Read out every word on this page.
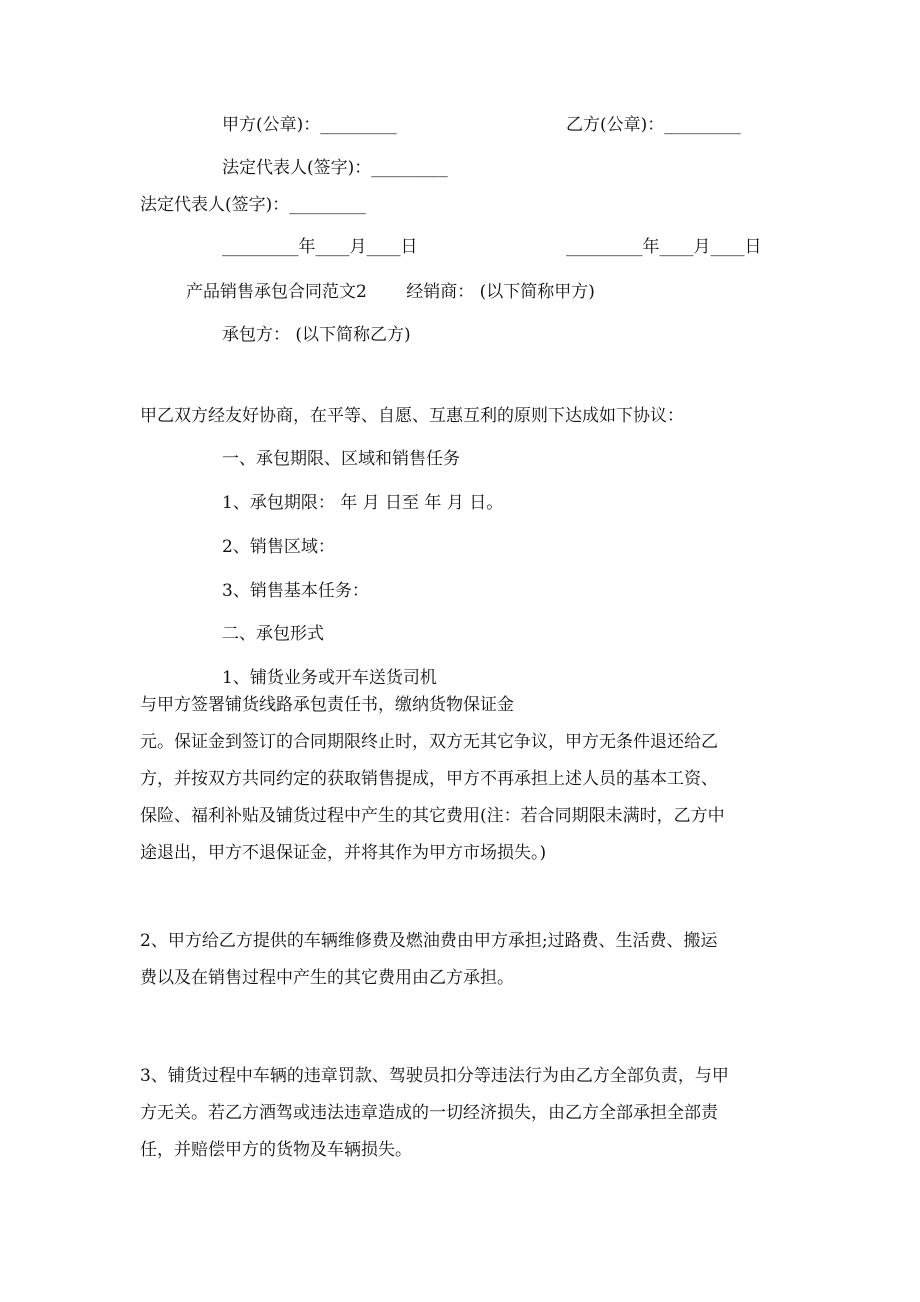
甲方(公章)：_________	乙方(公章)：_________
法定代表人(签字)：_________
法定代表人(签字)：_________
_________年____月____日	_________年____月____日
产品销售承包合同范文2　　 经销商： (以下简称甲方)
承包方： (以下简称乙方)
甲乙双方经友好协商，在平等、自愿、互惠互利的原则下达成如下协议：
一、承包期限、区域和销售任务
1、承包期限： 年 月 日至 年 月 日。
2、销售区域：
3、销售基本任务：
二、承包形式
1、铺货业务或开车送货司机

与甲方签署铺货线路承包责任书，缴纳货物保证金

元。保证金到签订的合同期限终止时，双方无其它争议，甲方无条件退还给乙

方，并按双方共同约定的获取销售提成，甲方不再承担上述人员的基本工资、

保险、福利补贴及铺货过程中产生的其它费用(注：若合同期限未满时，乙方中

途退出，甲方不退保证金，并将其作为甲方市场损失。)

2、甲方给乙方提供的车辆维修费及燃油费由甲方承担;过路费、生活费、搬运

费以及在销售过程中产生的其它费用由乙方承担。

3、铺货过程中车辆的违章罚款、驾驶员扣分等违法行为由乙方全部负责，与甲

方无关。若乙方酒驾或违法违章造成的一切经济损失，由乙方全部承担全部责

任，并赔偿甲方的货物及车辆损失。
